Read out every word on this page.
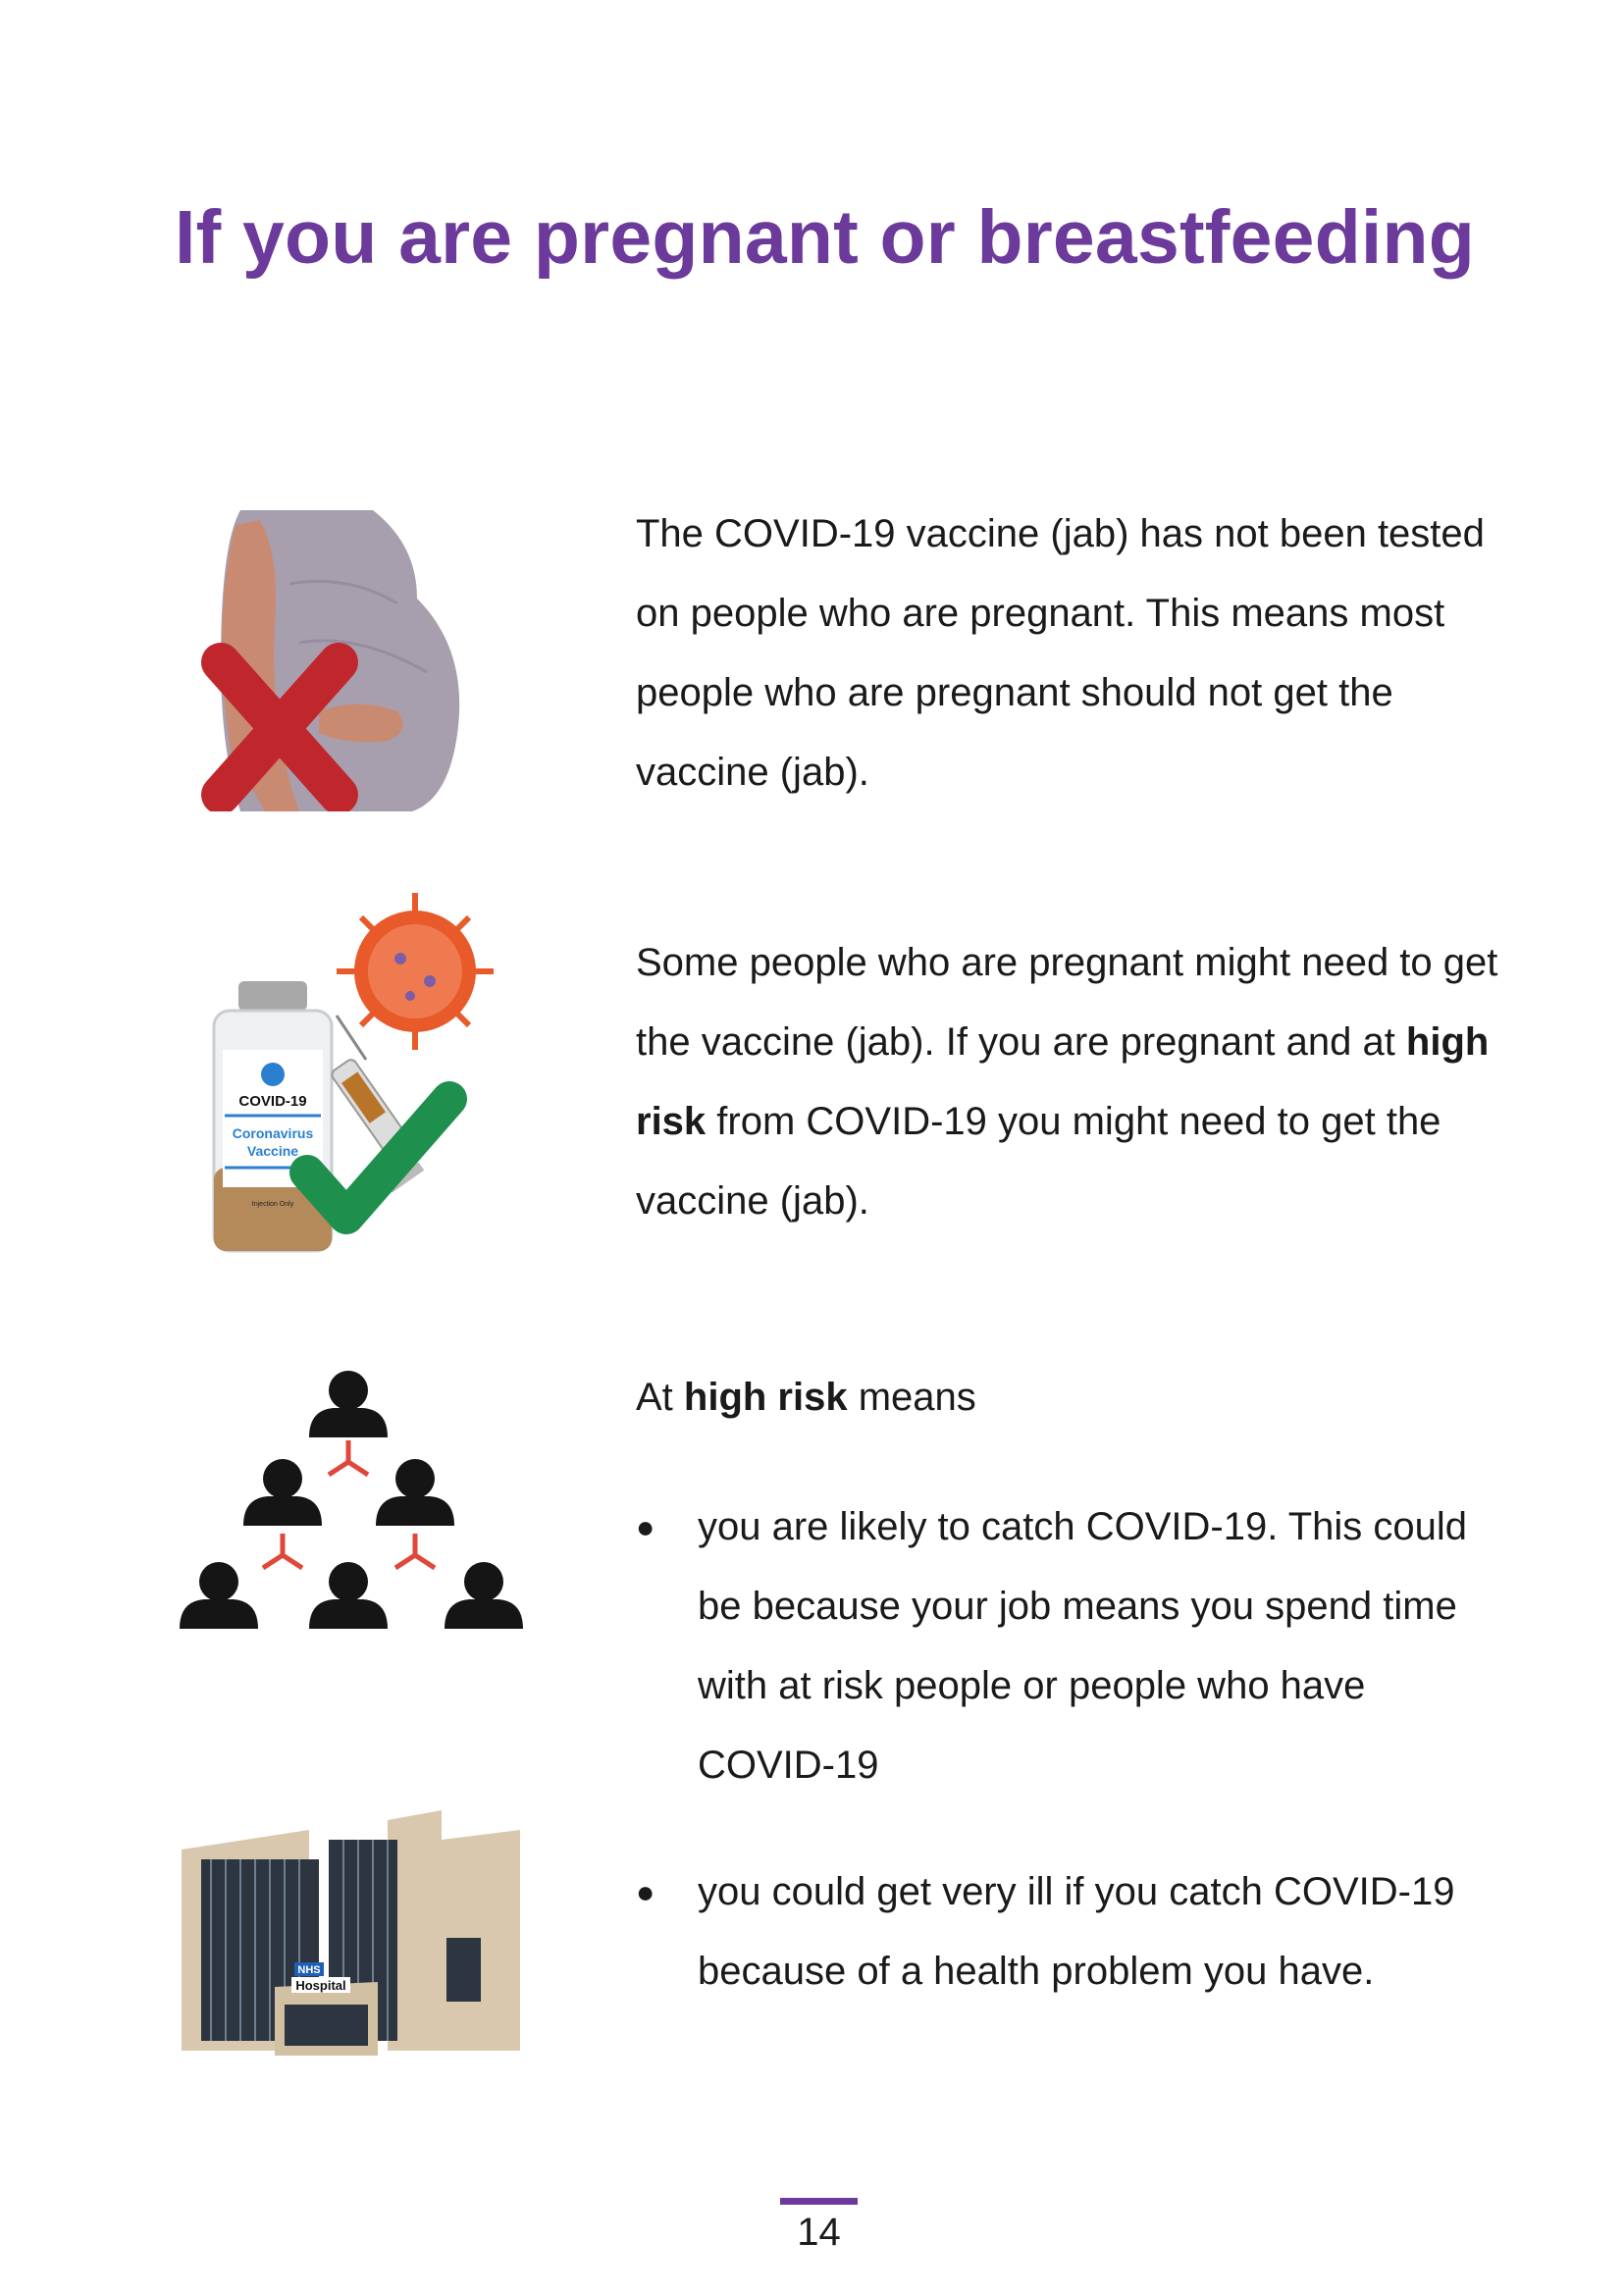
If you are pregnant or breastfeeding

The COVID-19 vaccine (jab) has not been tested on people who are pregnant. This means most people who are pregnant should not get the vaccine (jab).

COVID-19
Coronavirus
Vaccine
Injection Only

Some people who are pregnant might need to get the vaccine (jab). If you are pregnant and at high risk from COVID-19 you might need to get the vaccine (jab).

At high risk means

● you are likely to catch COVID-19. This could be because your job means you spend time with at risk people or people who have COVID-19

NHS
Hospital
● you could get very ill if you catch COVID-19 because of a health problem you have.

14
